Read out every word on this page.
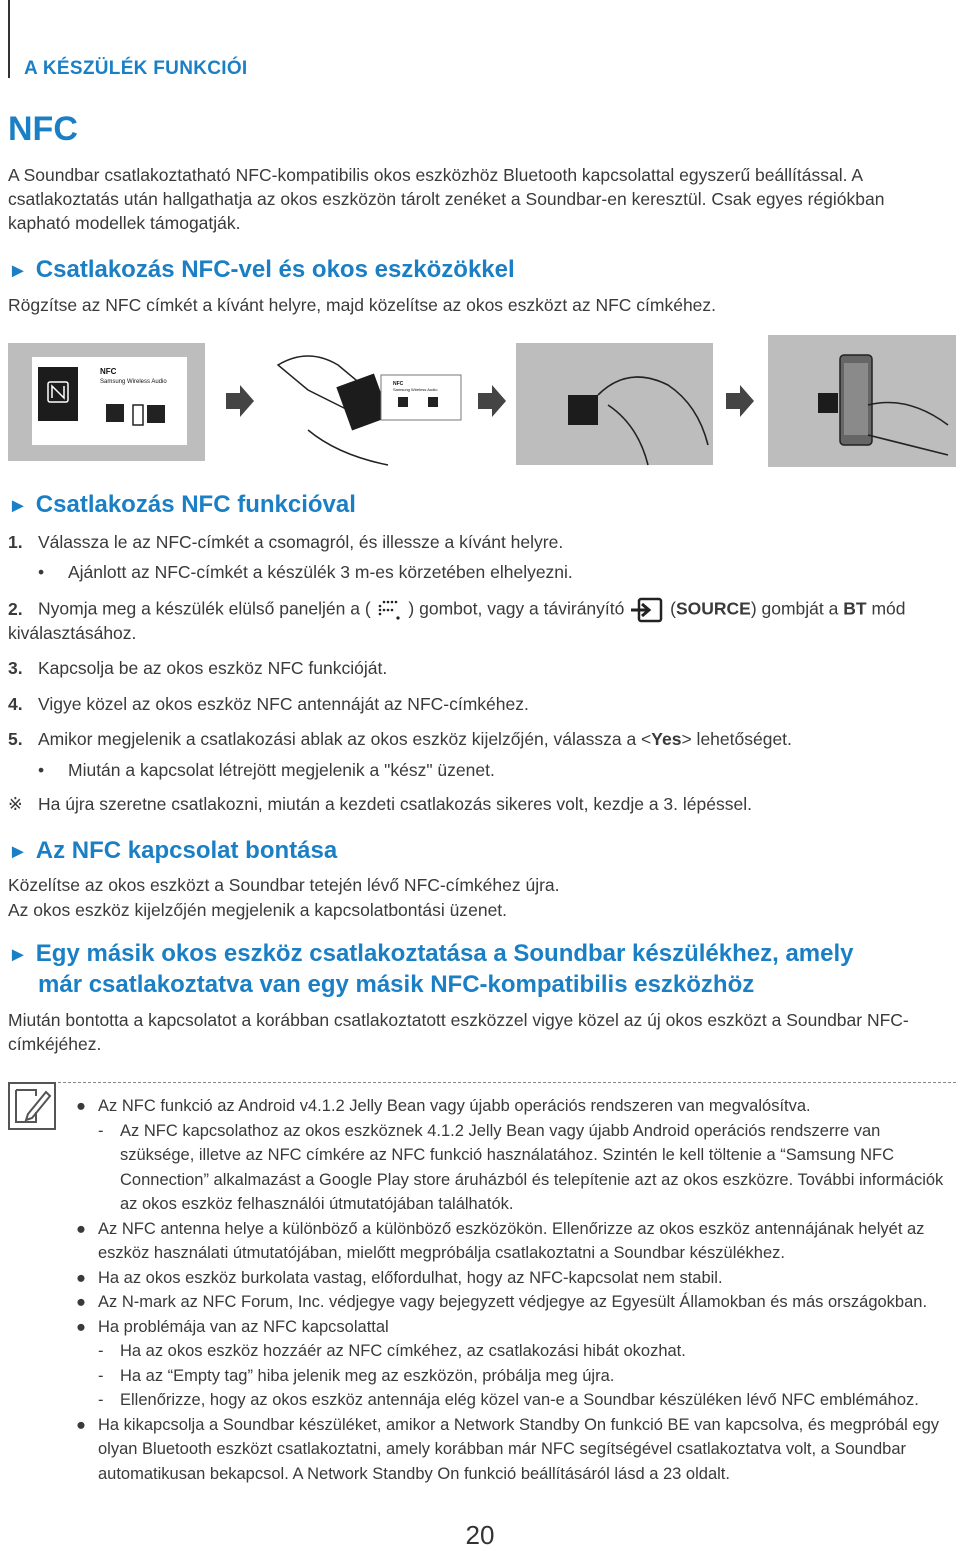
A KÉSZÜLÉK FUNKCIÓI
NFC

A Soundbar csatlakoztatható NFC-kompatibilis okos eszközhöz Bluetooth kapcsolattal egyszerű beállítással. A csatlakoztatás után hallgathatja az okos eszközön tárolt zenéket a Soundbar-en keresztül. Csak egyes régiókban kapható modellek támogatják.

► Csatlakozás NFC-vel és okos eszközökkel

Rögzítse az NFC címkét a kívánt helyre, majd közelítse az okos eszközt az NFC címkéhez.

NFC
Samsung Wireless Audio	NFC
Samsung Wireless Audio
► Csatlakozás NFC funkcióval
1. Válassza le az NFC-címkét a csomagról, és illessze a kívánt helyre.
• Ajánlott az NFC-címkét a készülék 3 m-es körzetében elhelyezni.
2. Nyomja meg a készülék elülső paneljén a ( ) gombot, vagy a távirányító	(SOURCE) gombját a BT mód
kiválasztásához.
3. Kapcsolja be az okos eszköz NFC funkcióját.
4. Vigye közel az okos eszköz NFC antennáját az NFC-címkéhez.
5. Amikor megjelenik a csatlakozási ablak az okos eszköz kijelzőjén, válassza a <Yes> lehetőséget.
• Miután a kapcsolat létrejött megjelenik a "kész" üzenet.
※ Ha újra szeretne csatlakozni, miután a kezdeti csatlakozás sikeres volt, kezdje a 3. lépéssel.
► Az NFC kapcsolat bontása

Közelítse az okos eszközt a Soundbar tetején lévő NFC-címkéhez újra.

Az okos eszköz kijelzőjén megjelenik a kapcsolatbontási üzenet.

► Egy másik okos eszköz csatlakoztatása a Soundbar készülékhez, amely
már csatlakoztatva van egy másik NFC-kompatibilis eszközhöz

Miután bontotta a kapcsolatot a korábban csatlakoztatott eszközzel vigye közel az új okos eszközt a Soundbar NFC-címkéjéhez.

● Az NFC funkció az Android v4.1.2 Jelly Bean vagy újabb operációs rendszeren van megvalósítva.
- Az NFC kapcsolathoz az okos eszköznek 4.1.2 Jelly Bean vagy újabb Android operációs rendszerre van szüksége, illetve az NFC címkére az NFC funkció használatához. Szintén le kell töltenie a “Samsung NFC Connection” alkalmazást a Google Play store áruházból és telepítenie azt az okos eszközre. További információk az okos eszköz felhasználói útmutatójában találhatók.
● Az NFC antenna helye a különböző a különböző eszközökön. Ellenőrizze az okos eszköz antennájának helyét az eszköz használati útmutatójában, mielőtt megpróbálja csatlakoztatni a Soundbar készülékhez.
● Ha az okos eszköz burkolata vastag, előfordulhat, hogy az NFC-kapcsolat nem stabil.
● Az N-mark az NFC Forum, Inc. védjegye vagy bejegyzett védjegye az Egyesült Államokban és más országokban.
● Ha problémája van az NFC kapcsolattal
- Ha az okos eszköz hozzáér az NFC címkéhez, az csatlakozási hibát okozhat.
- Ha az “Empty tag” hiba jelenik meg az eszközön, próbálja meg újra.
- Ellenőrizze, hogy az okos eszköz antennája elég közel van-e a Soundbar készüléken lévő NFC emblémához.
● Ha kikapcsolja a Soundbar készüléket, amikor a Network Standby On funkció BE van kapcsolva, és megpróbál egy olyan Bluetooth eszközt csatlakoztatni, amely korábban már NFC segítségével csatlakoztatva volt, a Soundbar automatikusan bekapcsol. A Network Standby On funkció beállításáról lásd a 23 oldalt.
20
